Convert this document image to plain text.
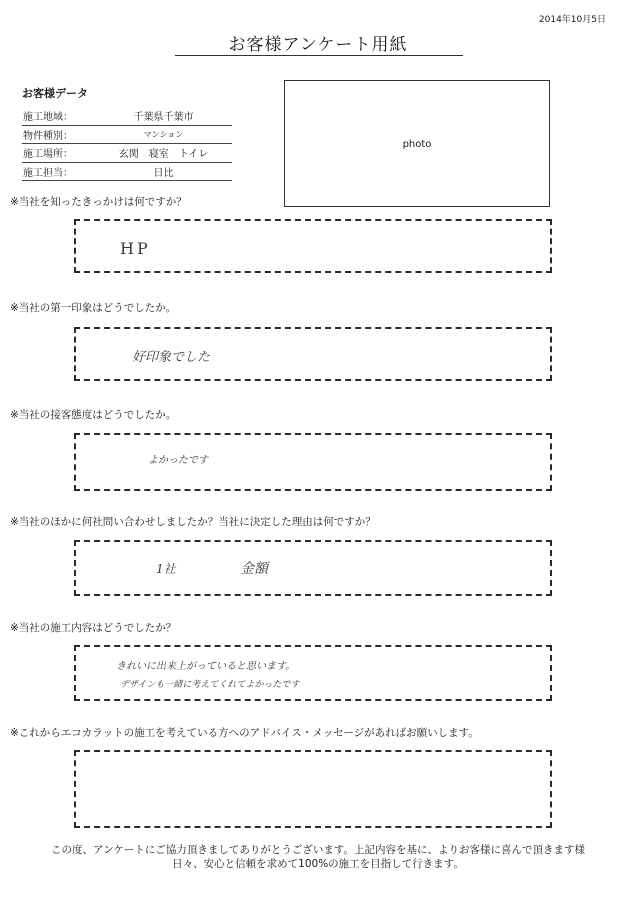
2014年10月5日
お客様アンケート用紙
お客様データ
施工地域：	千葉県千葉市
物件種別：	マンション
施工場所：	玄関　寝室　トイレ
施工担当：	日比
photo
※当社を知ったきっかけは何ですか？
HP
※当社の第一印象はどうでしたか。
好印象でした
※当社の接客態度はどうでしたか。
よかったです
※当社のほかに何社問い合わせしましたか？当社に決定した理由は何ですか？
1社	金額
※当社の施工内容はどうでしたか？
きれいに出来上がっていると思います。
デザインも一緒に考えてくれてよかったです
※これからエコカラットの施工を考えている方へのアドバイス・メッセージがあればお願いします。
この度、アンケートにご協力頂きましてありがとうございます。上記内容を基に、よりお客様に喜んで頂きます様
日々、安心と信頼を求めて100%の施工を目指して行きます。
